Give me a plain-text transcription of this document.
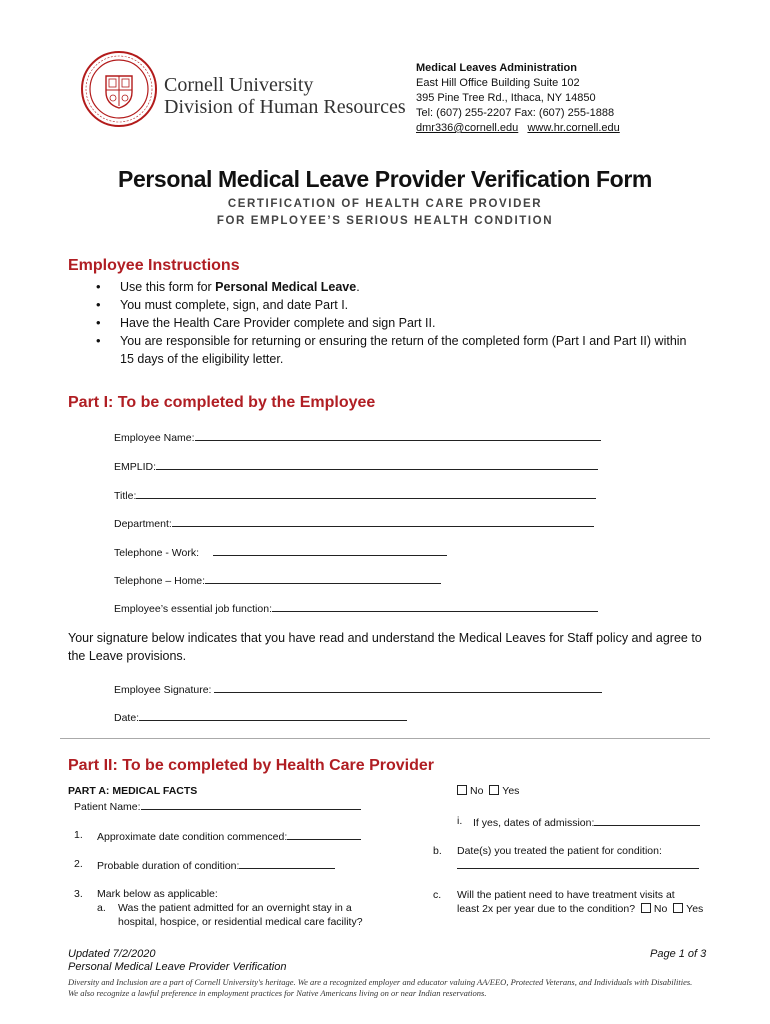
Cornell University
Division of Human Resources
Medical Leaves Administration
East Hill Office Building Suite 102
395 Pine Tree Rd., Ithaca, NY 14850
Tel: (607) 255-2207 Fax: (607) 255-1888
dmr336@cornell.edu www.hr.cornell.edu
Personal Medical Leave Provider Verification Form
CERTIFICATION OF HEALTH CARE PROVIDER
FOR EMPLOYEE’S SERIOUS HEALTH CONDITION
Employee Instructions
• Use this form for Personal Medical Leave.
• You must complete, sign, and date Part I.
• Have the Health Care Provider complete and sign Part II.
• You are responsible for returning or ensuring the return of the completed form (Part I and Part II) within 15 days of the eligibility letter.
Part I: To be completed by the Employee
Employee Name:
EMPLID:
Title:
Department:
Telephone - Work:
Telephone – Home:
Employee’s essential job function:
Your signature below indicates that you have read and understand the Medical Leaves for Staff policy and agree to the Leave provisions.
Employee Signature:
Date:
Part II: To be completed by Health Care Provider
PART A: MEDICAL FACTS
Patient Name:
1. Approximate date condition commenced:
2. Probable duration of condition:
3. Mark below as applicable:
a. Was the patient admitted for an overnight stay in a
hospital, hospice, or residential medical care facility?
No Yes
i. If yes, dates of admission:
b. Date(s) you treated the patient for condition:
c. Will the patient need to have treatment visits at
least 2x per year due to the condition? No Yes
Updated 7/2/2020
Personal Medical Leave Provider Verification
Page 1 of 3
Diversity and Inclusion are a part of Cornell University's heritage. We are a recognized employer and educator valuing AA/EEO, Protected Veterans, and Individuals with Disabilities.
We also recognize a lawful preference in employment practices for Native Americans living on or near Indian reservations.
